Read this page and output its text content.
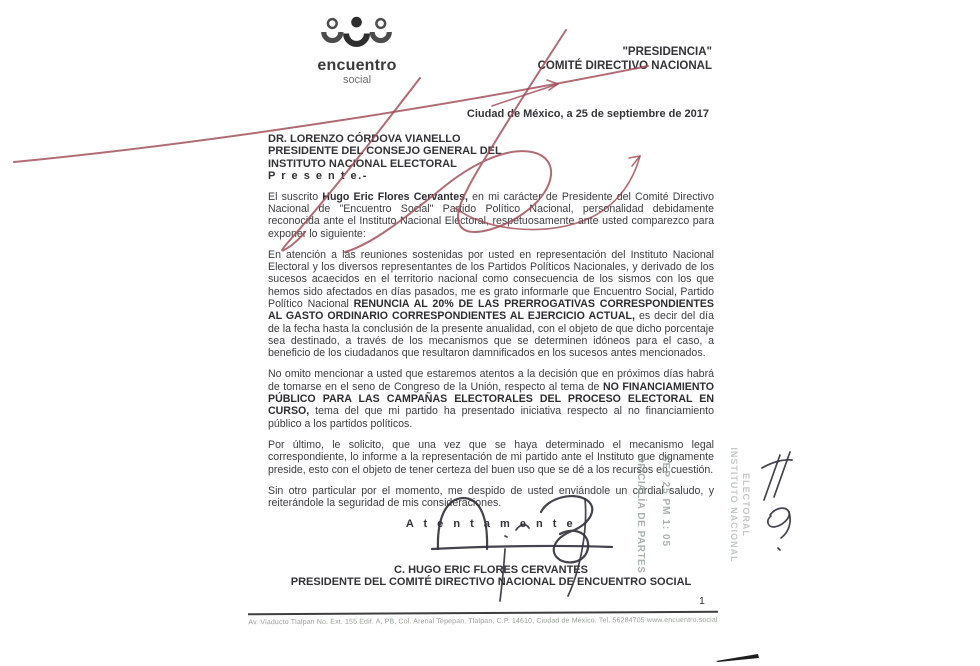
encuentro
social
"PRESIDENCIA"
COMITÉ DIRECTIVO NACIONAL
Ciudad de México, a 25 de septiembre de 2017
DR. LORENZO CÓRDOVA VIANELLO
PRESIDENTE DEL CONSEJO GENERAL DEL
INSTITUTO NACIONAL ELECTORAL
P r e s e n t e.-

El suscrito Hugo Eric Flores Cervantes, en mi carácter de Presidente del Comité Directivo Nacional de "Encuentro Social" Partido Político Nacional, personalidad debidamente reconocida ante el Instituto Nacional Electoral, respetuosamente ante usted comparezco para exponer lo siguiente:

En atención a las reuniones sostenidas por usted en representación del Instituto Nacional Electoral y los diversos representantes de los Partidos Políticos Nacionales, y derivado de los sucesos acaecidos en el territorio nacional como consecuencia de los sismos con los que hemos sido afectados en días pasados, me es grato informarle que Encuentro Social, Partido Político Nacional RENUNCIA AL 20% DE LAS PRERROGATIVAS CORRESPONDIENTES AL GASTO ORDINARIO CORRESPONDIENTES AL EJERCICIO ACTUAL, es decir del día de la fecha hasta la conclusión de la presente anualidad, con el objeto de que dicho porcentaje sea destinado, a través de los mecanismos que se determinen idóneos para el caso, a beneficio de los ciudadanos que resultaron damnificados en los sucesos antes mencionados.

No omito mencionar a usted que estaremos atentos a la decisión que en próximos días habrá de tomarse en el seno de Congreso de la Unión, respecto al tema de NO FINANCIAMIENTO PÚBLICO PARA LAS CAMPAÑAS ELECTORALES DEL PROCESO ELECTORAL EN CURSO, tema del que mi partido ha presentado iniciativa respecto al no financiamiento público a los partidos políticos.

Por último, le solicito, que una vez que se haya determinado el mecanismo legal correspondiente, lo informe a la representación de mi partido ante el Instituto que dignamente preside, esto con el objeto de tener certeza del buen uso que se dé a los recursos en cuestión.

Sin otro particular por el momento, me despido de usted enviándole un cordial saludo, y reiterándole la seguridad de mis consideraciones.

A t e n t a m e n t e
C. HUGO ERIC FLORES CERVANTES
PRESIDENTE DEL COMITÉ DIRECTIVO NACIONAL DE ENCUENTRO SOCIAL
SEP 25 PM 1: 05
OFICIALÍA DE PARTES	ELECTORAL
INSTITUTO NACIONAL
1
Av. Viaducto Tlalpan No. Ext. 155 Edif. A, PB, Col. Arenal Tepepan, Tlalpan, C.P. 14610, Ciudad de México. Tel. 56284705 www.encuentro.social
